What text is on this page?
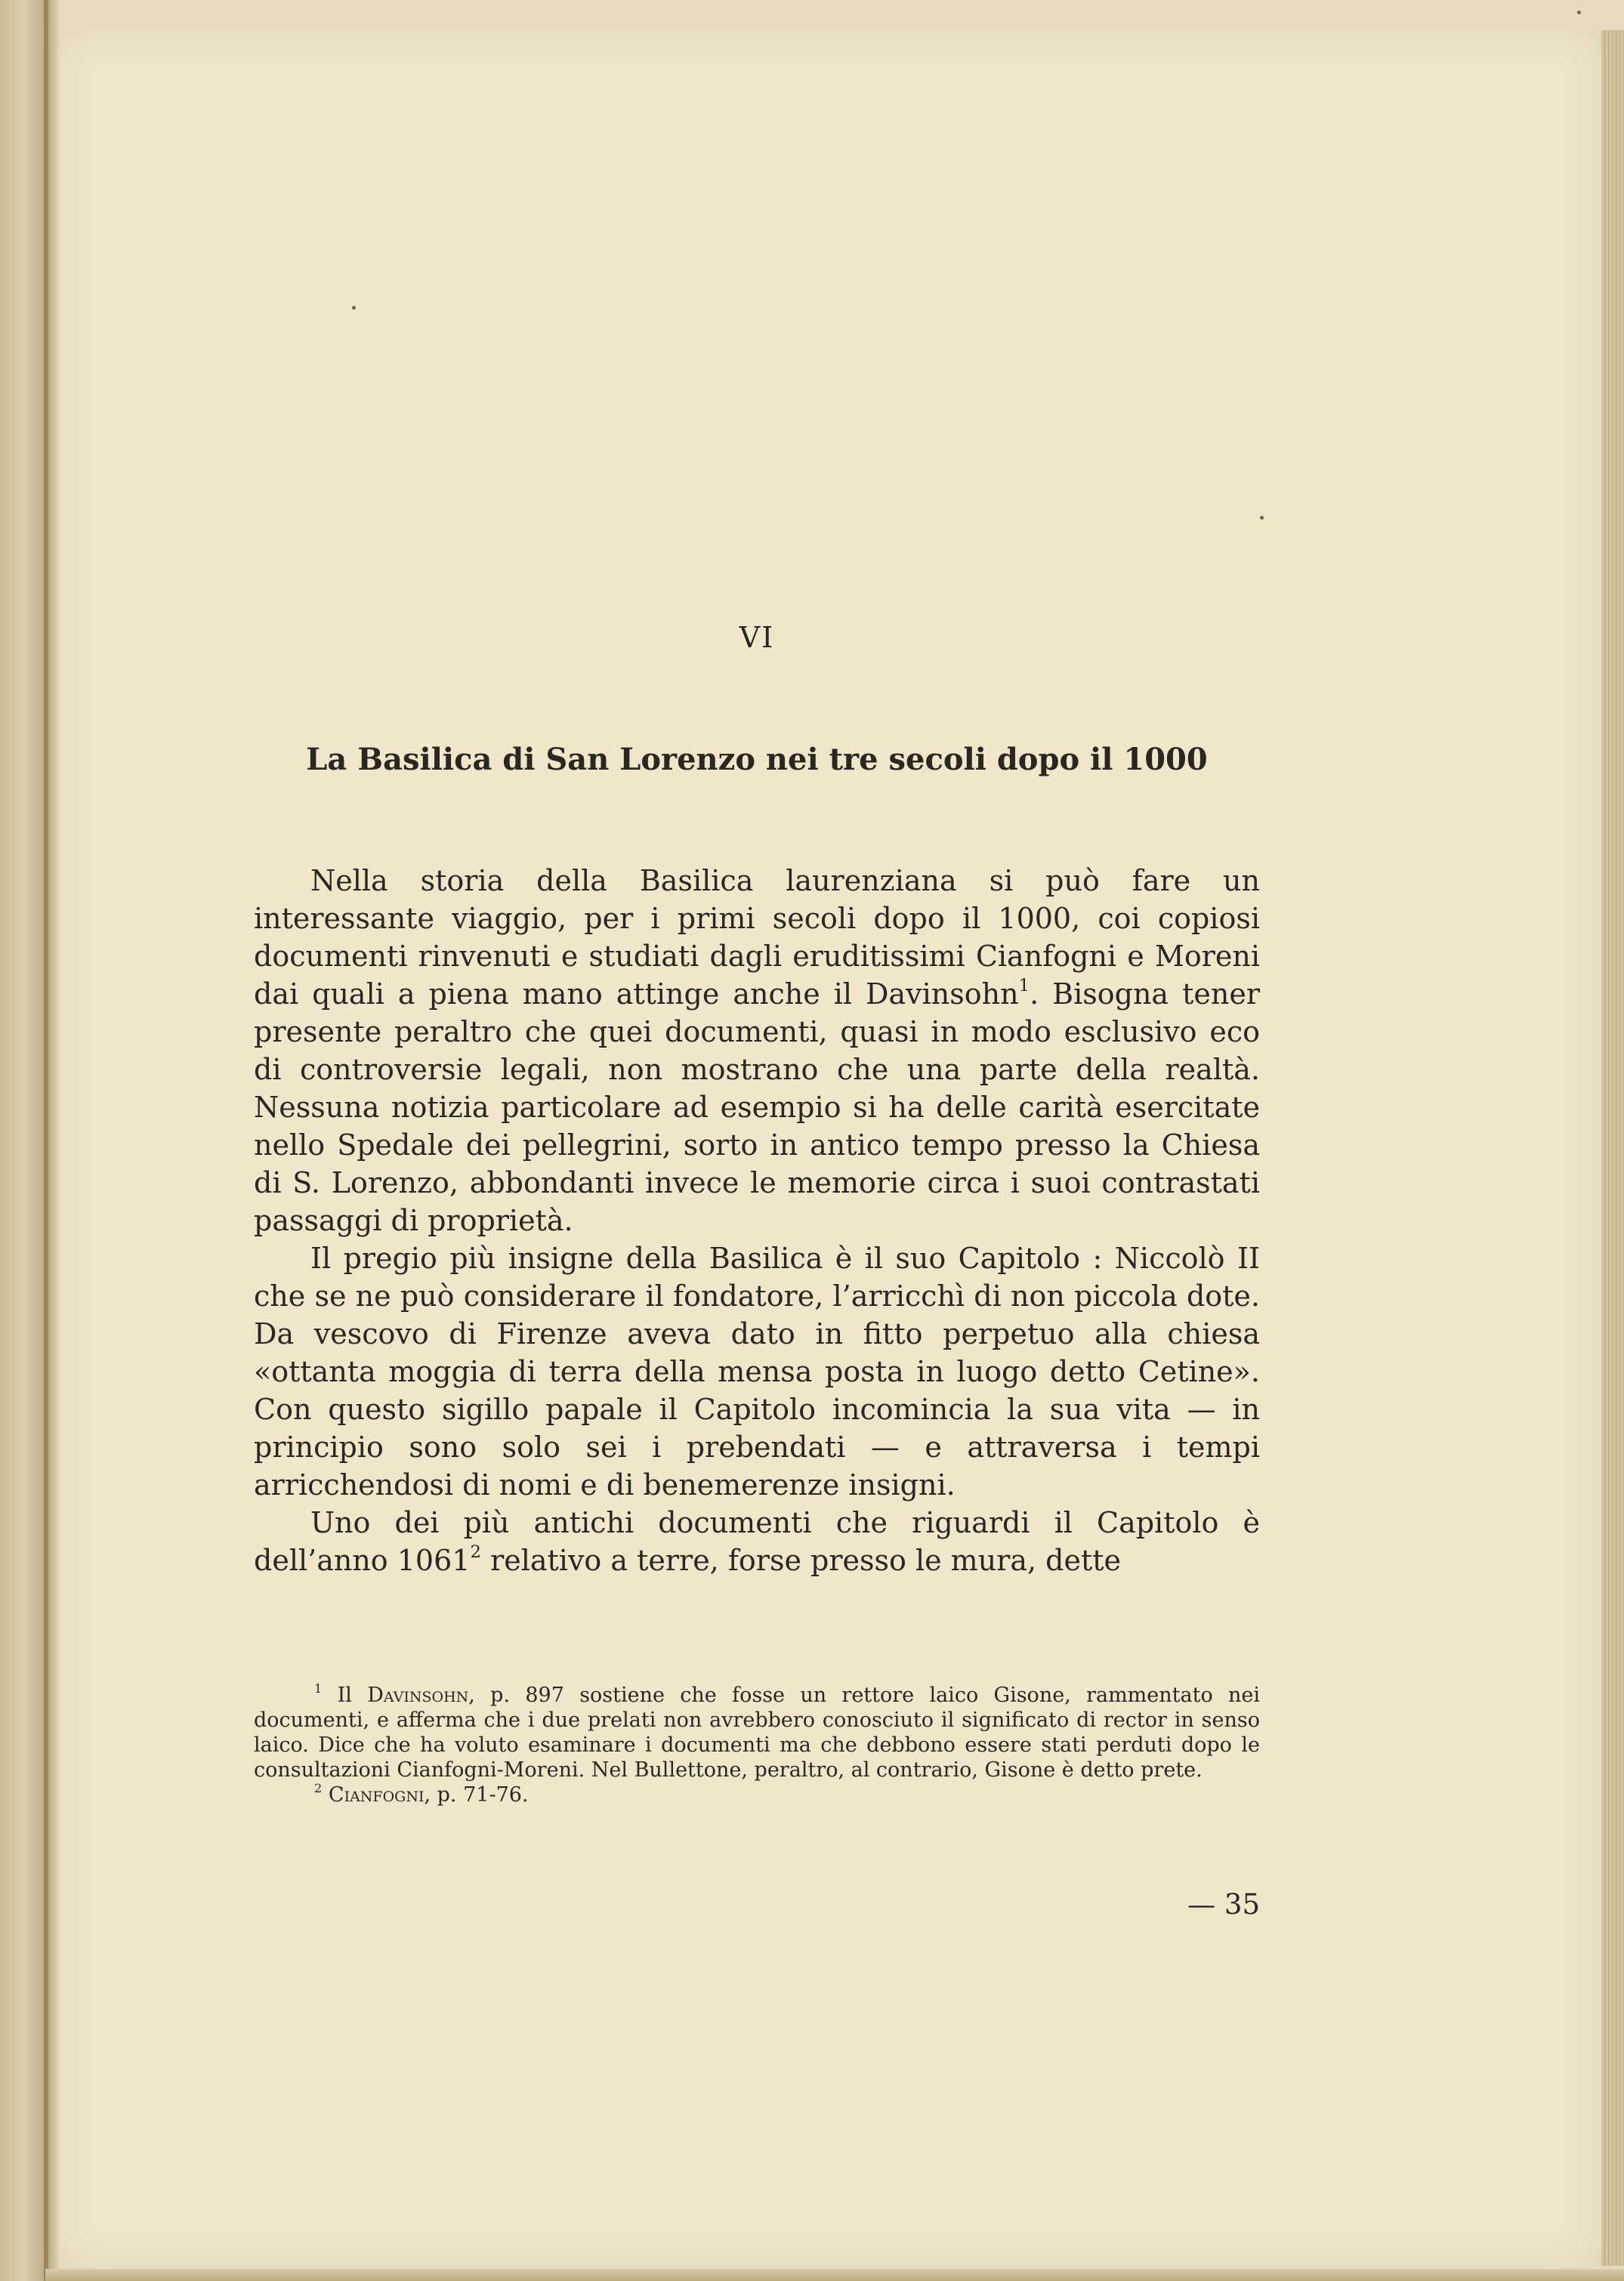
VI
La Basilica di San Lorenzo nei tre secoli dopo il 1000

Nella storia della Basilica laurenziana si può fare un interessante viaggio, per i primi secoli dopo il 1000, coi copiosi documenti rinvenuti e studiati dagli eruditissimi Cianfogni e Moreni dai quali a piena mano attinge anche il Davinsohn$^1$. Bisogna tener presente peraltro che quei documenti, quasi in modo esclusivo eco di controversie legali, non mostrano che una parte della realtà. Nessuna notizia particolare ad esempio si ha delle carità esercitate nello Spedale dei pellegrini, sorto in antico tempo presso la Chiesa di S. Lorenzo, abbondanti invece le memorie circa i suoi contrastati passaggi di proprietà.

Il pregio più insigne della Basilica è il suo Capitolo : Niccolò II che se ne può considerare il fondatore, l’arricchì di non piccola dote. Da vescovo di Firenze aveva dato in fitto perpetuo alla chiesa «ottanta moggia di terra della mensa posta in luogo detto Cetine». Con questo sigillo papale il Capitolo incomincia la sua vita — in principio sono solo sei i prebendati — e attraversa i tempi arricchendosi di nomi e di benemerenze insigni.

Uno dei più antichi documenti che riguardi il Capitolo è dell’anno 1061$^2$ relativo a terre, forse presso le mura, dette

$^1$ Il Davinsohn, p. 897 sostiene che fosse un rettore laico Gisone, rammentato nei documenti, e afferma che i due prelati non avrebbero conosciuto il significato di rector in senso laico. Dice che ha voluto esaminare i documenti ma che debbono essere stati perduti dopo le consultazioni Cianfogni-Moreni. Nel Bullettone, peraltro, al contrario, Gisone è detto prete.

$^2$ Cianfogni, p. 71-76.

— 35
